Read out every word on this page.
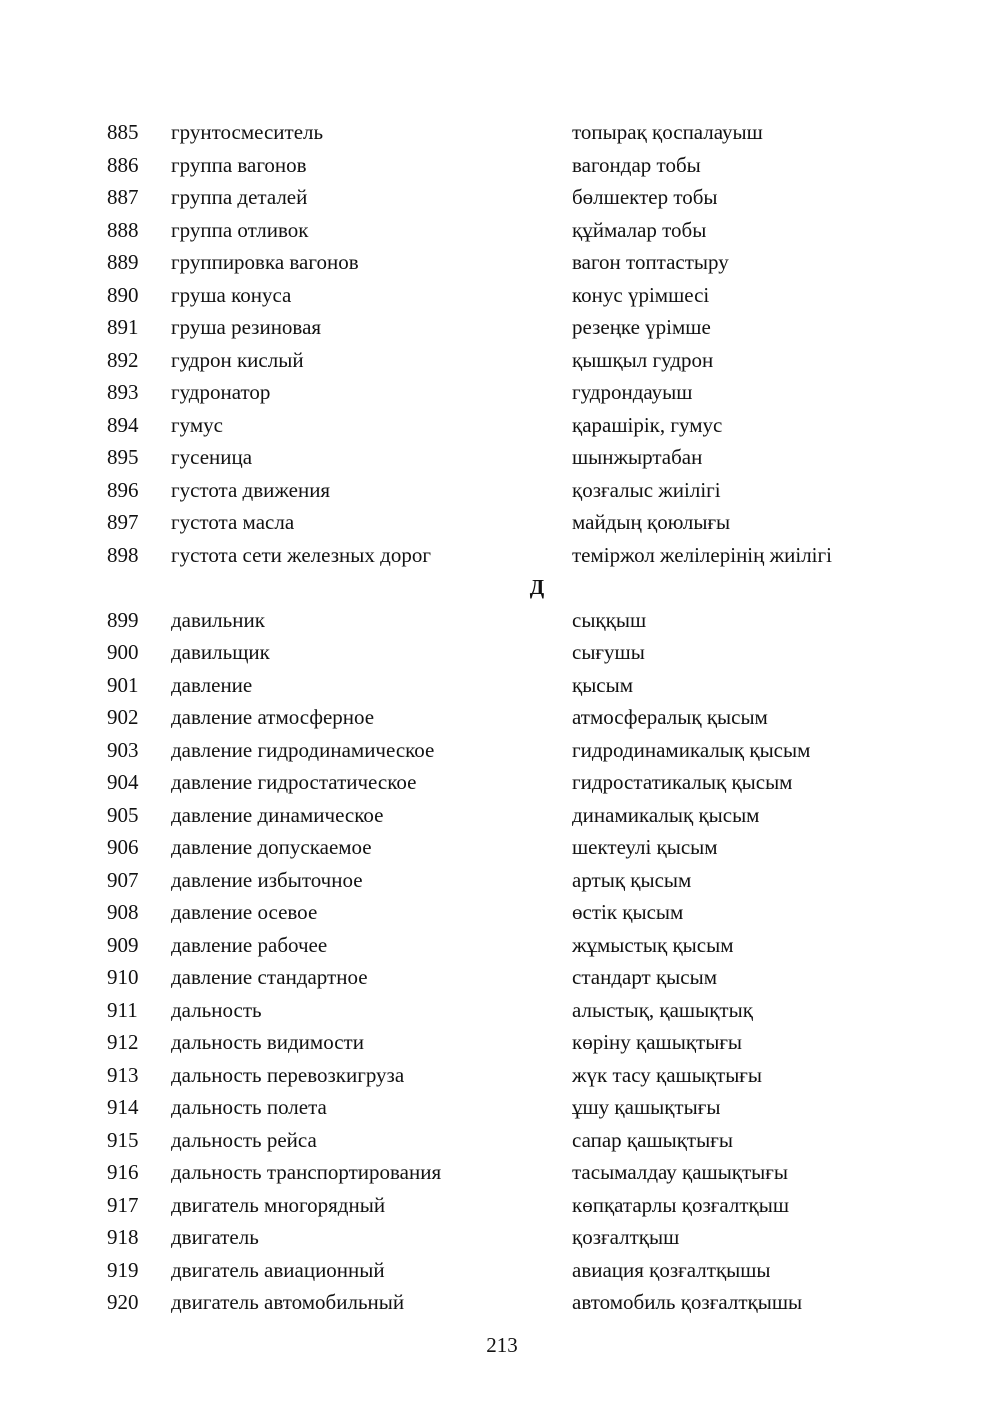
885 грунтосмеситель	топырақ қоспалауыш
886 группа вагонов	вагондар тобы
887 группа деталей	бөлшектер тобы
888 группа отливок	құймалар тобы
889 группировка вагонов	вагон топтастыру
890 груша конуса	конус үрімшесі
891 груша резиновая	резеңке үрімше
892 гудрон кислый	қышқыл гудрон
893 гудронатор	гудрондауыш
894 гумус	қарашірік, гумус
895 гусеница	шынжыртабан
896 густота движения	қозғалыс жиілігі
897 густота масла	майдың қоюлығы
898 густота сети железных дорог	теміржол желілерінің жиілігі
Д
899 давильник	сыққыш
900 давильщик	сығушы
901 давление	қысым
902 давление атмосферное	атмосфералық қысым
903 давление гидродинамическое	гидродинамикалық қысым
904 давление гидростатическое	гидростатикалық қысым
905 давление динамическое	динамикалық қысым
906 давление допускаемое	шектеулі қысым
907 давление избыточное	артық қысым
908 давление осевое	өстік қысым
909 давление рабочее	жұмыстық қысым
910 давление стандартное	стандарт қысым
911 дальность	алыстық, қашықтық
912 дальность видимости	көріну қашықтығы
913 дальность перевозкигруза	жүк тасу қашықтығы
914 дальность полета	ұшу қашықтығы
915 дальность рейса	сапар қашықтығы
916 дальность транспортирования	тасымалдау қашықтығы
917 двигатель многорядный	көпқатарлы қозғалтқыш
918 двигатель	қозғалтқыш
919 двигатель авиационный	авиация қозғалтқышы
920 двигатель автомобильный	автомобиль қозғалтқышы
213
